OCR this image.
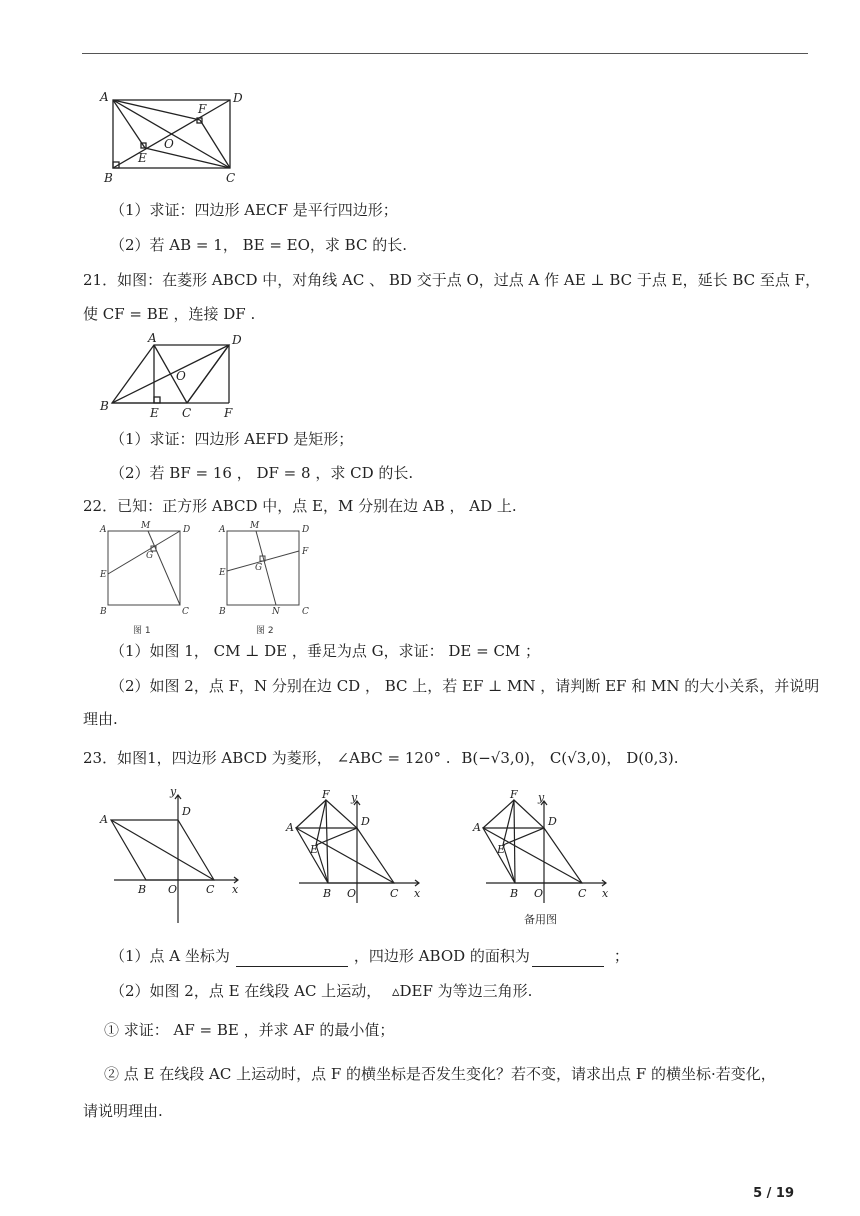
A	D
F
O
E
B	C
（1）求证：四边形 AECF 是平行四边形；
（2）若 AB = 1， BE = EO，求 BC 的长.
21．如图：在菱形 ABCD 中，对角线 AC 、 BD 交于点 O，过点 A 作 AE ⊥ BC 于点 E，延长 BC 至点 F，
使 CF = BE ，连接 DF .
A	D
O
B	E C	F
（1）求证：四边形 AEFD 是矩形；
（2）若 BF = 16 ， DF = 8 ，求 CD 的长.
22．已知：正方形 ABCD 中，点 E，M 分别在边 AB ， AD 上.
A	M	D
G
E
B	C
A	M	D
F
G
E
B	N C
图 1	图 2
（1）如图 1， CM ⊥ DE ，垂足为点 G，求证： DE = CM ；
（2）如图 2，点 F，N 分别在边 CD ， BC 上，若 EF ⊥ MN ，请判断 EF 和 MN 的大小关系，并说明
理由.
23．如图1，四边形 ABCD 为菱形， ∠ABC = 120° . B(−√3,0)， C(√3,0)， D(0,3).
y
A
D
B O	C x
F y
A	D
E
B O	C x
F y
A	D
E
B O	C x
备用图
（1）点 A 坐标为	，四边形 ABOD 的面积为	；
（2）如图 2，点 E 在线段 AC 上运动， ▵DEF 为等边三角形.
① 求证： AF = BE ，并求 AF 的最小值；
② 点 E 在线段 AC 上运动时，点 F 的横坐标是否发生变化？若不变，请求出点 F 的横坐标·若变化，
请说明理由.
5 / 19
